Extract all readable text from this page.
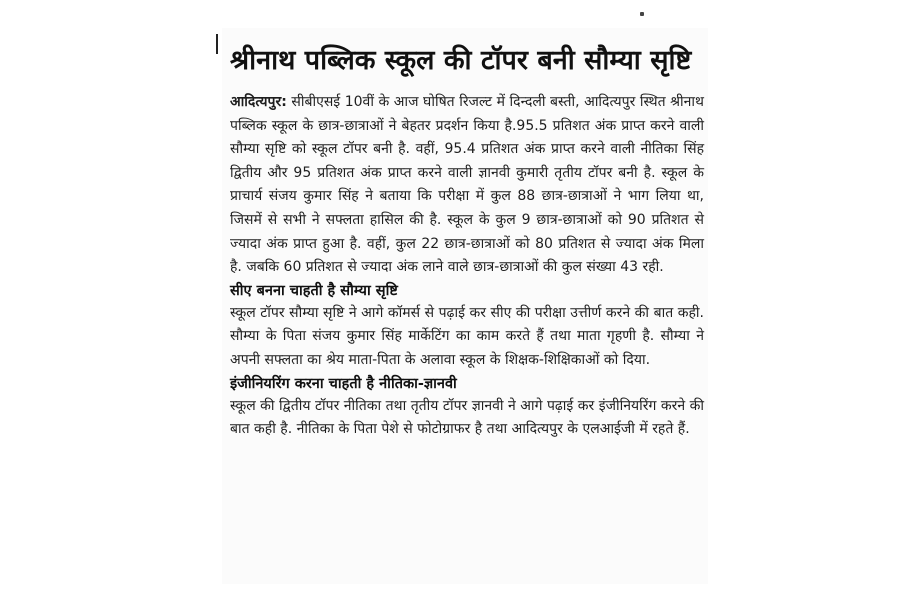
श्रीनाथ पब्लिक स्कूल की टॉपर बनी सौम्या सृष्टि

आदित्यपुर: सीबीएसई 10वीं के आज घोषित रिजल्ट में दिन्दली बस्ती, आदित्यपुर स्थित श्रीनाथ पब्लिक स्कूल के छात्र-छात्राओं ने बेहतर प्रदर्शन किया है.95.5 प्रतिशत अंक प्राप्त करने वाली सौम्या सृष्टि को स्कूल टॉपर बनी है. वहीं, 95.4 प्रतिशत अंक प्राप्त करने वाली नीतिका सिंह द्वितीय और 95 प्रतिशत अंक प्राप्त करने वाली ज्ञानवी कुमारी तृतीय टॉपर बनी है. स्कूल के प्राचार्य संजय कुमार सिंह ने बताया कि परीक्षा में कुल 88 छात्र-छात्राओं ने भाग लिया था, जिसमें से सभी ने सफ्लता हासिल की है. स्कूल के कुल 9 छात्र-छात्राओं को 90 प्रतिशत से ज्यादा अंक प्राप्त हुआ है. वहीं, कुल 22 छात्र-छात्राओं को 80 प्रतिशत से ज्यादा अंक मिला है. जबकि 60 प्रतिशत से ज्यादा अंक लाने वाले छात्र-छात्राओं की कुल संख्या 43 रही.

सीए बनना चाहती है सौम्या सृष्टि

स्कूल टॉपर सौम्या सृष्टि ने आगे कॉमर्स से पढ़ाई कर सीए की परीक्षा उत्तीर्ण करने की बात कही. सौम्या के पिता संजय कुमार सिंह मार्केटिंग का काम करते हैं तथा माता गृहणी है. सौम्या ने अपनी सफ्लता का श्रेय माता-पिता के अलावा स्कूल के शिक्षक-शिक्षिकाओं को दिया.

इंजीनियरिंग करना चाहती है नीतिका-ज्ञानवी

स्कूल की द्वितीय टॉपर नीतिका तथा तृतीय टॉपर ज्ञानवी ने आगे पढ़ाई कर इंजीनियरिंग करने की बात कही है. नीतिका के पिता पेशे से फोटोग्राफर है तथा आदित्यपुर के एलआईजी में रहते हैं.
